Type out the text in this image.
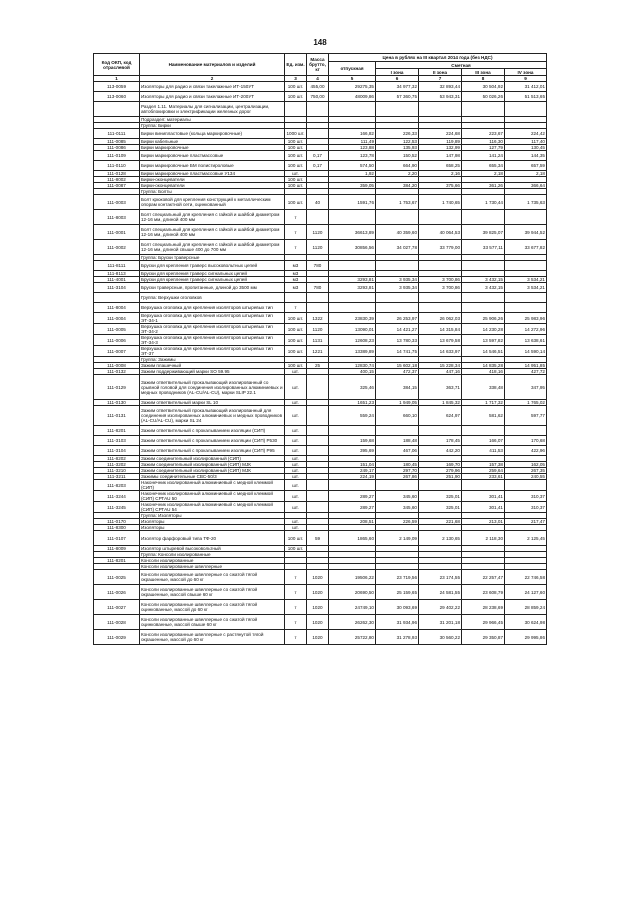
148
Код ОКП, код отраслевой	Наименование материалов и изделий	Ед. изм.	Масса брутто, кг	Цена в рублях на III квартал 2014 года (без НДС)				
				отпускная	Сметная			
					I зона	II зона	III зона	IV зона
1	2	3	4	5	6	7	8	9
113-0059	Изоляторы для радио и связи такелажные ИТ-150УТ	100 шт.	455,00	29275,35	34 977,32	32 893,44	30 504,92	31 412,01
113-0060	Изоляторы для радио и связи такелажные ИТ-200УТ	100 шт.	750,00	48009,86	57 360,75	53 943,31	50 026,26	51 513,65
	Раздел 1.11. Материалы для сигнализации, централизации, автоблокировки и электрификации железных дорог							
	Подраздел: материалы							
	Группа: Бирки							
111-0111	Бирки винипластовые (кольца маркировочные)	1000 шт.		166,82	226,33	224,68	223,67	224,42
111-0085	Бирки кабельные	100 шт.		111,49	122,53	119,89	116,30	117,40
111-0086	Бирки маркировочные	100 шт.		123,88	135,93	132,99	127,79	130,45
111-0109	Бирки маркировочные пластмассовые	100 шт.	0,17	123,78	150,52	147,98	141,24	144,35
111-0110	Бирки маркировочные БМ полистироловые	100 шт.	0,17	574,50	664,90	658,25	655,34	657,59
111-0128	Бирки маркировочные пластмассовые У134	шт.		1,92	2,20	2,16	2,18	2,18
111-8002	Бирки-оконцеватели	100 шт.						
111-0087	Бирки-оконцеватели	100 шт.		359,05	384,20	375,66	361,26	366,64
	Группа: Болты							
111-0003	Болт крюковой для крепления конструкций к металлическим опорам контактной сети, оцинкованный	100 шт.	40	1591,76	1 753,67	1 740,65	1 730,44	1 735,63
111-8003	Болт специальный для крепления с гайкой и шайбой диаметром 12-16 мм, длиной 400 мм	т						
111-0001	Болт специальный для крепления с гайкой и шайбой диаметром 12-16 мм, длиной 400 мм	т	1120	36613,89	40 359,60	40 064,53	39 825,07	39 944,52
111-0002	Болт специальный для крепления с гайкой и шайбой диаметром 12-16 мм, длиной свыше 400 до 700 мм	т	1120	30856,56	34 027,78	33 779,00	33 577,11	33 677,82
	Группа: Бруски траверсные							
111-8111	Бруски для крепления траверс высоковольтных цепей	м3	780					
111-8113	Бруски для крепления траверс сигнальных цепей	м3						
111-4001	Бруски для крепления траверс сигнальных цепей	м3		3293,81	3 935,34	3 700,86	3 432,15	3 534,21
111-3104	Бруски траверсные, пропитанные, длиной до 3500 мм	м3	780	3293,81	3 935,34	3 700,86	3 432,15	3 534,21
	Группа: Верхушки оголовков							
111-8004	Верхушка оголовка для крепления изоляторов штыревых тип	т						
111-0004	Верхушка оголовка для крепления изоляторов штыревых тип ЭТ-34-1	100 шт.	1322	23830,39	26 253,97	26 062,03	25 906,26	25 983,96
111-0005	Верхушка оголовка для крепления изоляторов штыревых тип ЭТ-34-2	100 шт.	1120	13090,01	14 421,27	14 315,84	14 230,28	14 272,96
111-0006	Верхушка оголовка для крепления изоляторов штыревых тип ЭТ-34-3	100 шт.	1131	12608,23	13 780,33	13 679,58	13 597,82	13 638,61
111-0007	Верхушка оголовка для крепления изоляторов штыревых тип ЭТ-37	100 шт.	1221	13389,89	14 741,75	14 633,97	14 546,51	14 590,14
	Группа: Зажимы							
111-0008	Зажим плашечный	100 шт.	25	12830,74	15 602,18	15 228,34	14 835,28	14 951,85
111-0132	Зажим поддерживающий марки SO 59.95	шт.		400,15	472,37	447,16	418,16	427,72
111-0129	Зажим ответвительный прокалывающий изолированный со срывной головой для соединения изолированных алюминиевых и медных проводников (AL-CU/AL-CU), марки SLIP 22.1	шт.		325,46	384,15	363,71	338,48	347,95
111-0130	Зажим ответвительный марки SL 10	шт.		1651,23	1 949,05	1 845,32	1 717,32	1 765,02
111-0131	Зажим ответвительный прокалывающий изолированный для соединения изолированных алюминиевых и медных проводников (AL-CU/AL-CU), марки SL 24	шт.		559,24	660,10	624,97	581,62	597,77
111-8201	Зажим ответвительный с прокалыванием изоляции (СИП)	шт.						
111-3103	Зажим ответвительный с прокалыванием изоляции (СИП) Р530	шт.		159,68	188,48	178,45	166,07	170,68
111-3104	Зажим ответвительный с прокалыванием изоляции (СИП) Р95	шт.		395,69	467,06	442,20	411,53	422,96
111-8202	Зажим соединительный изолированный (СИП)	шт.						
111-3202	Зажим соединительный изолированный (СИП) МЈК	шт.		151,04	180,45	169,70	157,38	162,05
111-3210	Зажим соединительный изолированный (СИП) МЈК	шт.		249,17	297,70	279,96	259,64	267,35
111-3211	Зажимы соединительные СВС-50/3	шт.		224,19	267,86	251,90	233,61	240,55
111-8203	Наконечник изолированный алюминиевый с медной клеммой (СИП)	шт.						
111-3244	Наконечник изолированный алюминиевый с медной клеммой (СИП) СРТАU 50	шт.		289,27	345,60	325,01	301,41	310,37
111-3245	Наконечник изолированный алюминиевый с медной клеммой (СИП) СРТАU 54	шт.		289,27	345,60	325,01	301,41	310,37
	Группа: Изоляторы							
111-0170	Изоляторы	шт.		208,51	226,59	221,68	213,01	217,47
111-8300	Изоляторы	шт.						
111-0107	Изолятор фарфоровый типа ТФ-20	100 шт.	59	1865,60	2 149,09	2 130,65	2 118,30	2 125,45
111-8009	Изолятор штыревой высоковольтный	100 шт.						
	Группа: Консоли изолированные							
111-8201	Консоли изолированные							
	Консоли изолированные швеллерные							
111-0025	Консоли изолированные швеллерные со сжатой тягой окрашенные, массой до 60 кг	т	1020	19506,22	23 719,56	23 174,55	22 257,47	22 746,58
111-0026	Консоли изолированные швеллерные со сжатой тягой окрашенные, массой свыше 60 кг	т	1020	20690,50	25 159,65	24 581,55	23 608,79	24 127,60
111-0027	Консоли изолированные швеллерные со сжатой тягой оцинкованные, массой до 60 кг	т	1020	24749,10	30 093,69	29 402,22	28 238,69	28 859,24
111-0028	Консоли изолированные швеллерные со сжатой тягой оцинкованные, массой свыше 60 кг	т	1020	26262,30	31 934,96	31 201,18	29 966,45	30 624,98
111-0029	Консоли изолированные швеллерные с растянутой тягой окрашенные, массой до 60 кг	т	1020	25722,80	31 278,93	30 560,22	29 350,87	29 995,86
